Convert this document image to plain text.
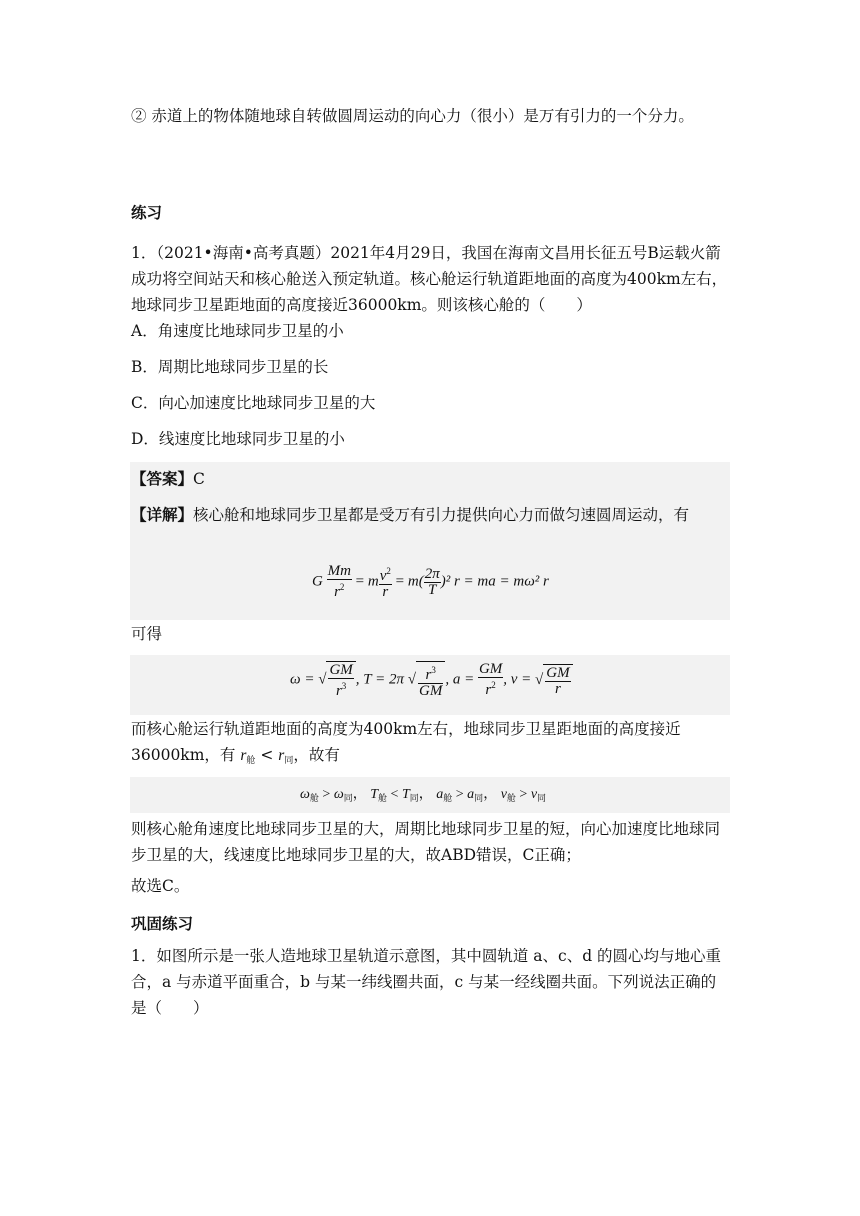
② 赤道上的物体随地球自转做圆周运动的向心力（很小）是万有引力的一个分力。
练习
1．（2021•海南•高考真题）2021年4月29日，我国在海南文昌用长征五号B运载火箭成功将空间站天和核心舱送入预定轨道。核心舱运行轨道距地面的高度为400km左右，地球同步卫星距地面的高度接近36000km。则该核心舱的（　　）
A．角速度比地球同步卫星的小
B．周期比地球同步卫星的长
C．向心加速度比地球同步卫星的大
D．线速度比地球同步卫星的小
【答案】C
【详解】核心舱和地球同步卫星都是受万有引力提供向心力而做匀速圆周运动，有
G $\frac{Mm}{r^2} = m \frac{v^2}{r} = m( \frac{2\pi}{T} )^2$ r = ma = mω² r
可得
ω = √ $\frac{GM}{r^3}$ , T = 2π √ $\frac{r^3}{GM}$ , $a = \frac{GM}{r^2}$ , v = √ $\frac{GM}{r}$
而核心舱运行轨道距地面的高度为400km左右，地球同步卫星距地面的高度接近
36000km，有 $r_舱 < r_同$，故有
$\omega_舱 > \omega_同$， $T_舱 < T_同$， $a_舱 > a_同$， $v_舱 > v_同$
则核心舱角速度比地球同步卫星的大，周期比地球同步卫星的短，向心加速度比地球同步卫星的大，线速度比地球同步卫星的大，故ABD错误，C正确；
故选C。
巩固练习
1．如图所示是一张人造地球卫星轨道示意图，其中圆轨道 a、c、d 的圆心均与地心重合，a 与赤道平面重合，b 与某一纬线圈共面，c 与某一经线圈共面。下列说法正确的是（　　）
